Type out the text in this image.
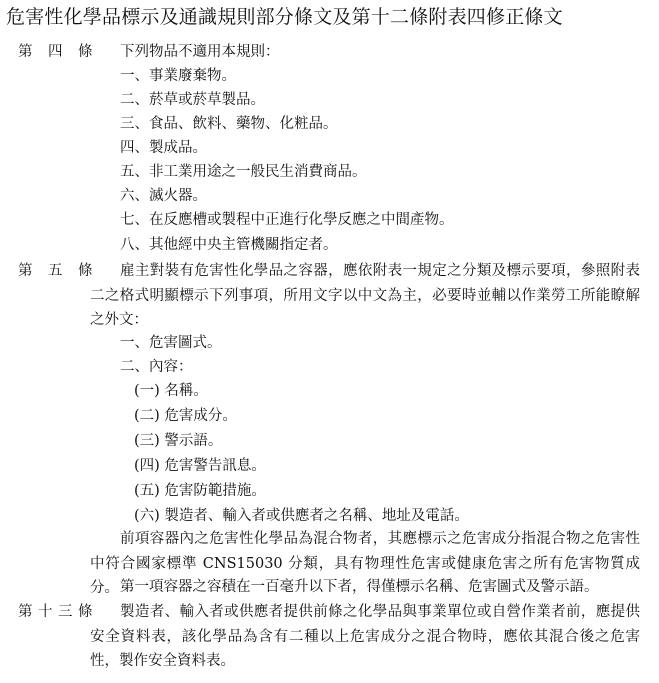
危害性化學品標示及通識規則部分條文及第十二條附表四修正條文
第 四 條 下列物品不適用本規則：
一、事業廢棄物。
二、菸草或菸草製品。
三、食品、飲料、藥物、化粧品。
四、製成品。
五、非工業用途之一般民生消費商品。
六、滅火器。
七、在反應槽或製程中正進行化學反應之中間產物。
八、其他經中央主管機關指定者。
第 五 條	雇主對裝有危害性化學品之容器，應依附表一規定之分類及標示要項，參照附表二之格式明顯標示下列事項，所用文字以中文為主，必要時並輔以作業勞工所能瞭解之外文：
一、危害圖式。
二、內容：
(一) 名稱。
(二) 危害成分。
(三) 警示語。
(四) 危害警告訊息。
(五) 危害防範措施。
(六) 製造者、輸入者或供應者之名稱、地址及電話。
前項容器內之危害性化學品為混合物者，其應標示之危害成分指混合物之危害性中符合國家標準 CNS15030 分類，具有物理性危害或健康危害之所有危害物質成分。 第一項容器之容積在一百毫升以下者，得僅標示名稱、危害圖式及警示語。
第 十 三 條	製造者、輸入者或供應者提供前條之化學品與事業單位或自營作業者前，應提供安全資料表，該化學品為含有二種以上危害成分之混合物時，應依其混合後之危害性，製作安全資料表。
